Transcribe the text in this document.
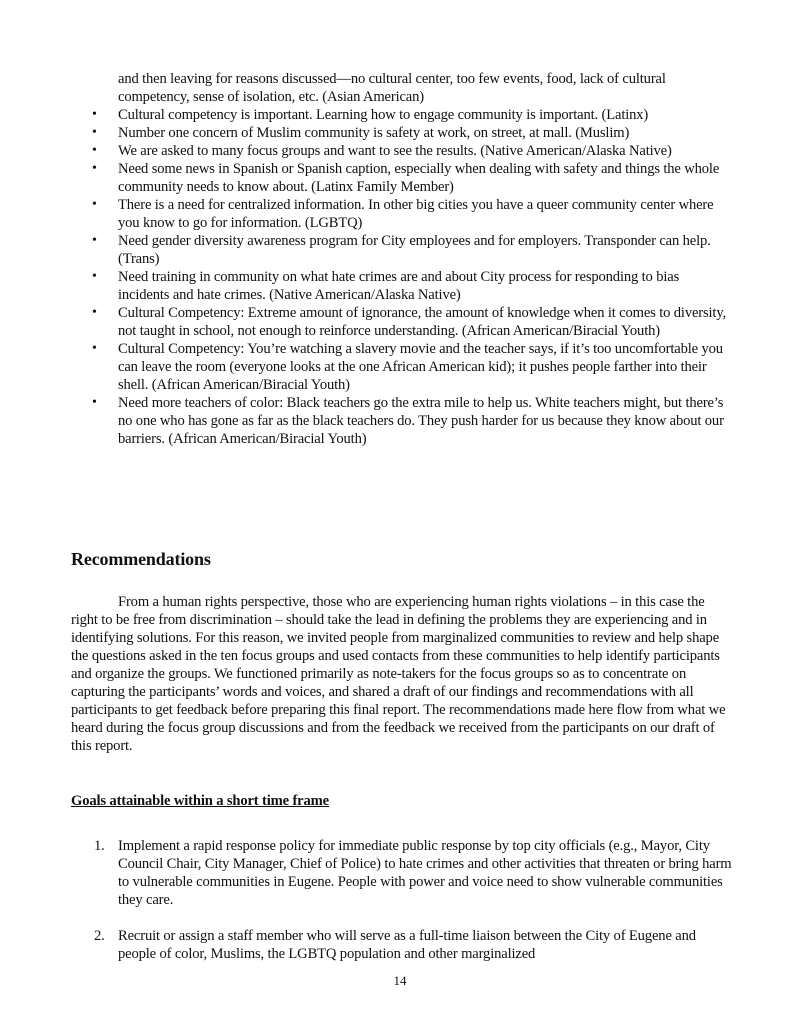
and then leaving for reasons discussed—no cultural center, too few events, food, lack of cultural competency, sense of isolation, etc. (Asian American)
• Cultural competency is important. Learning how to engage community is important. (Latinx)
• Number one concern of Muslim community is safety at work, on street, at mall. (Muslim)
• We are asked to many focus groups and want to see the results. (Native American/Alaska Native)
• Need some news in Spanish or Spanish caption, especially when dealing with safety and things the whole community needs to know about. (Latinx Family Member)
• There is a need for centralized information. In other big cities you have a queer community center where you know to go for information. (LGBTQ)
• Need gender diversity awareness program for City employees and for employers. Transponder can help. (Trans)
• Need training in community on what hate crimes are and about City process for responding to bias incidents and hate crimes. (Native American/Alaska Native)
• Cultural Competency: Extreme amount of ignorance, the amount of knowledge when it comes to diversity, not taught in school, not enough to reinforce understanding. (African American/Biracial Youth)
• Cultural Competency: You’re watching a slavery movie and the teacher says, if it’s too uncomfortable you can leave the room (everyone looks at the one African American kid); it pushes people farther into their shell. (African American/Biracial Youth)
• Need more teachers of color: Black teachers go the extra mile to help us. White teachers might, but there’s no one who has gone as far as the black teachers do. They push harder for us because they know about our barriers. (African American/Biracial Youth)
Recommendations

From a human rights perspective, those who are experiencing human rights violations – in this case the right to be free from discrimination – should take the lead in defining the problems they are experiencing and in identifying solutions. For this reason, we invited people from marginalized communities to review and help shape the questions asked in the ten focus groups and used contacts from these communities to help identify participants and organize the groups. We functioned primarily as note-takers for the focus groups so as to concentrate on capturing the participants’ words and voices, and shared a draft of our findings and recommendations with all participants to get feedback before preparing this final report. The recommendations made here flow from what we heard during the focus group discussions and from the feedback we received from the participants on our draft of this report.

Goals attainable within a short time frame

1. Implement a rapid response policy for immediate public response by top city officials (e.g., Mayor, City Council Chair, City Manager, Chief of Police) to hate crimes and other activities that threaten or bring harm to vulnerable communities in Eugene. People with power and voice need to show vulnerable communities they care.
2. Recruit or assign a staff member who will serve as a full-time liaison between the City of Eugene and people of color, Muslims, the LGBTQ population and other marginalized
14
